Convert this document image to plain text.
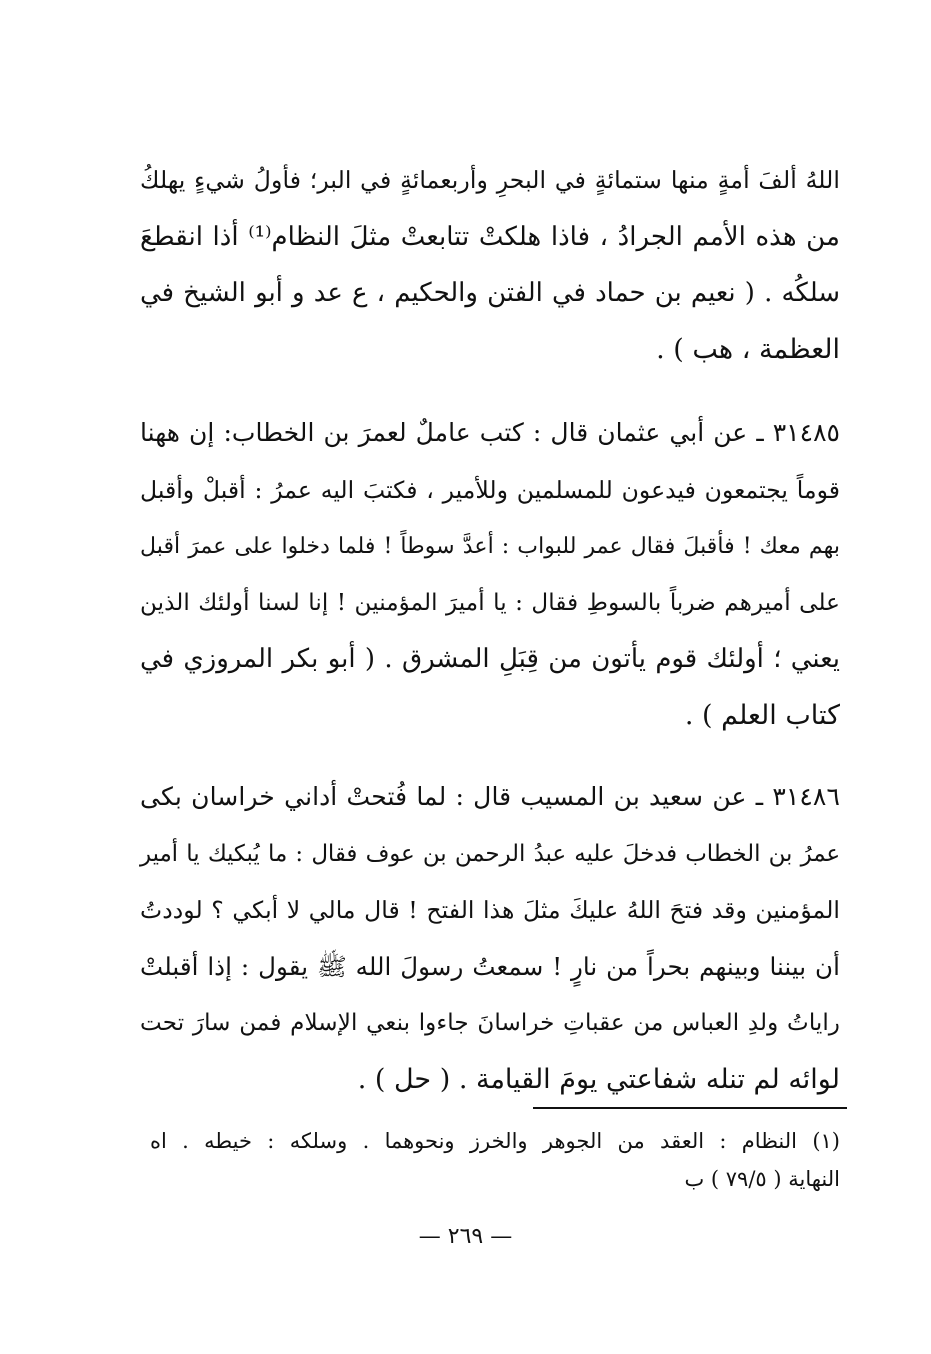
اللهُ ألفَ أمةٍ منها ستمائةٍ في البحرِ وأربعمائةٍ في البر؛ فأولُ شيءٍ يهلكُ
من هذه الأمم الجرادُ ، فاذا هلكتْ تتابعتْ مثلَ النظام⁽¹⁾ أذا انقطعَ
سلكُه . ( نعيم بن حماد في الفتن والحكيم ، ع عد و أبو الشيخ في
العظمة ، هب ) .
٣١٤٨٥ ـ عن أبي عثمان قال : كتب عاملٌ لعمرَ بن الخطاب: إن ههنا
قوماً يجتمعون فيدعون للمسلمين وللأمير ، فكتبَ اليه عمرُ : أقبلْ وأقبل
بهم معك ! فأقبلَ فقال عمر للبواب : أعدَّ سوطاً ! فلما دخلوا على عمرَ أقبل
على أميرهم ضرباً بالسوطِ فقال : يا أميرَ المؤمنين ! إنا لسنا أولئك الذين
يعني ؛ أولئك قوم يأتون من قِبَلِ المشرق . ( أبو بكر المروزي في
كتاب العلم ) .
٣١٤٨٦ ـ عن سعيد بن المسيب قال : لما فُتحتْ أداني خراسان بكى
عمرُ بن الخطاب فدخلَ عليه عبدُ الرحمن بن عوف فقال : ما يُبكيك يا أمير
المؤمنين وقد فتحَ اللهُ عليكَ مثلَ هذا الفتح ! قال مالي لا أبكي ؟ لوددتُ
أن بيننا وبينهم بحراً من نارٍ ! سمعتُ رسولَ الله ﷺ يقول : إذا أقبلتْ
راياتُ ولدِ العباس من عقباتِ خراسانَ جاءوا بنعي الإسلام فمن سارَ تحت
لوائه لم تنله شفاعتي يومَ القيامة . ( حل ) .
(١) النظام : العقد من الجوهر والخرز ونحوهما . وسلكه : خيطه . اه
النهاية ( ٧٩/٥ ) ب
— ٢٦٩ —
